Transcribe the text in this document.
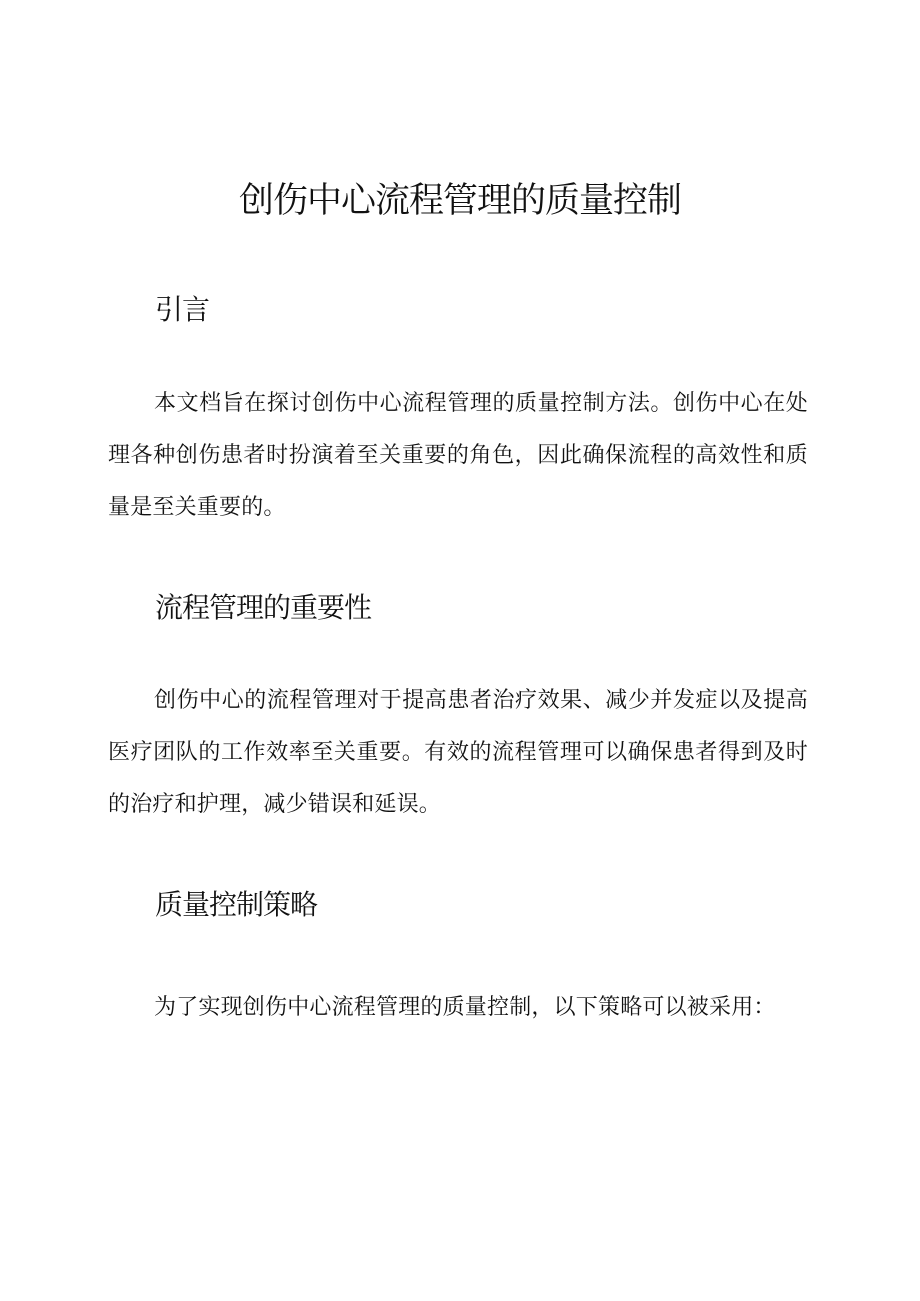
创伤中心流程管理的质量控制
引言

本文档旨在探讨创伤中心流程管理的质量控制方法。创伤中心在处理各种创伤患者时扮演着至关重要的角色，因此确保流程的高效性和质量是至关重要的。

流程管理的重要性

创伤中心的流程管理对于提高患者治疗效果、减少并发症以及提高医疗团队的工作效率至关重要。有效的流程管理可以确保患者得到及时的治疗和护理，减少错误和延误。

质量控制策略

为了实现创伤中心流程管理的质量控制，以下策略可以被采用：
